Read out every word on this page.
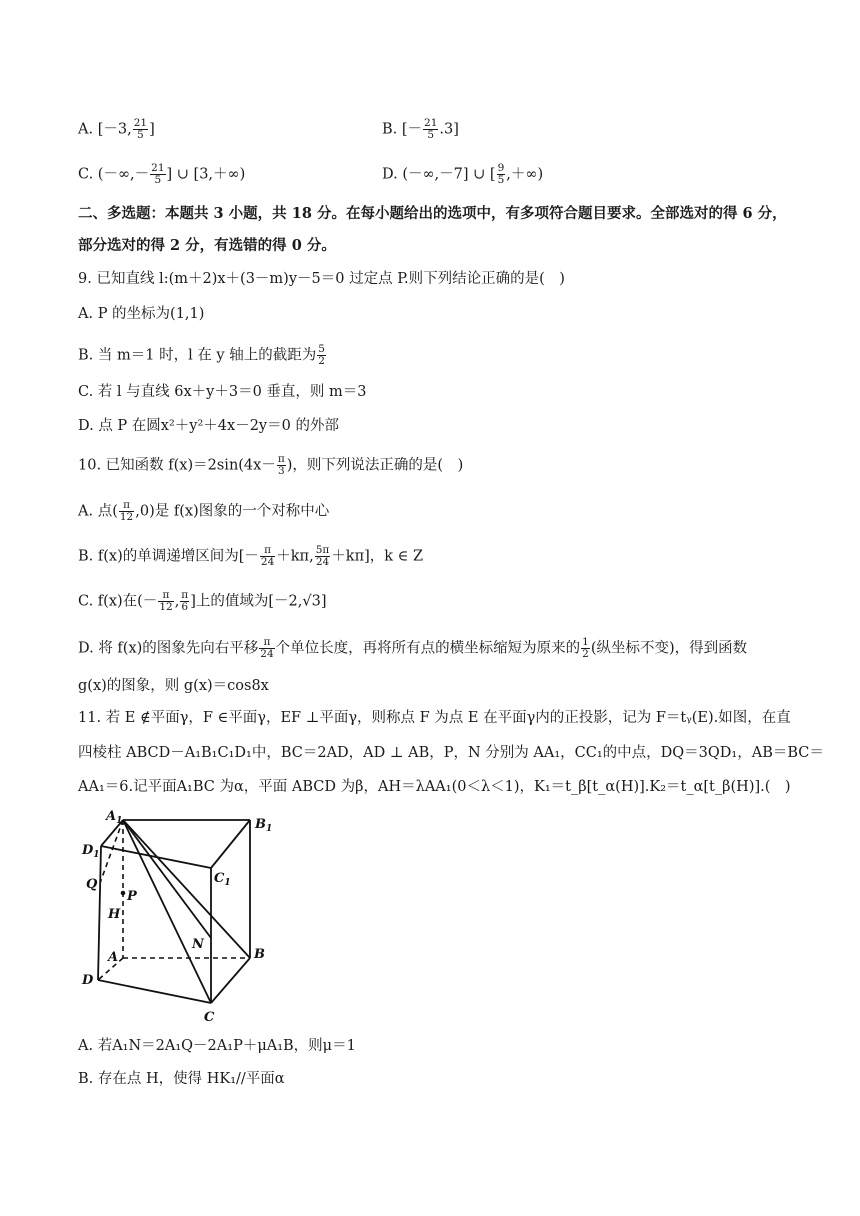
A. [－3, $\frac{21}{5}$ ]	B. [－ $\frac{21}{5} .3$]
C. (－∞,－ $\frac{21}{5}$ ] ∪ [3,＋∞)	D. (－∞,－7] ∪ [ $\frac{9}{5}$ ,＋∞)
二、多选题：本题共 3 小题，共 18 分。在每小题给出的选项中，有多项符合题目要求。全部选对的得 6 分，
部分选对的得 2 分，有选错的得 0 分。
9. 已知直线 l:(m＋2)x＋(3－m)y－5＝0 过定点 P.则下列结论正确的是(　)
A. P 的坐标为(1,1)
B. 当 m＝1 时，l 在 y 轴上的截距为 $\frac{5}{2}$
C. 若 l 与直线 6x＋y＋3＝0 垂直，则 m＝3
D. 点 P 在圆x²＋y²＋4x－2y＝0 的外部
10. 已知函数 $f(x)=2\sin(4x- \frac{\pi}{3}$ )，则下列说法正确的是(　)
A. 点( $\frac{\pi}{12} ,0$)是 f(x)图象的一个对称中心
B. f(x)的单调递增区间为[－ $\frac{\pi}{24} +k\pi$, $\frac{5\pi}{24} +k\pi$]，k ∈ Z
C. f(x)在(－ $\frac{\pi}{12}$ , $\frac{\pi}{6}$ ]上的值域为[－2,√3]
D. 将 f(x)的图象先向右平移 $\frac{\pi}{24}$ 个单位长度，再将所有点的横坐标缩短为原来的 $\frac{1}{2}$ (纵坐标不变)，得到函数
g(x)的图象，则 g(x)＝cos8x
11. 若 E ∉平面γ，F ∈平面γ，EF ⊥平面γ，则称点 F 为点 E 在平面γ内的正投影，记为 F＝tᵧ(E).如图，在直
四棱柱 ABCD－A₁B₁C₁D₁中，BC＝2AD，AD ⊥ AB，P，N 分别为 AA₁，CC₁的中点，DQ＝3QD₁，AB＝BC＝
AA₁＝6.记平面A₁BC 为α，平面 ABCD 为β，AH＝λAA₁(0＜λ＜1)，K₁＝t_β[t_α(H)].K₂＝t_α[t_β(H)].(　)
$A_1$	$B_1$
$D_1$
$C_1$
Q
P
H
N
A	B
D
C
A. 若A₁N＝2A₁Q－2A₁P＋μA₁B，则μ＝1
B. 存在点 H，使得 HK₁//平面α
